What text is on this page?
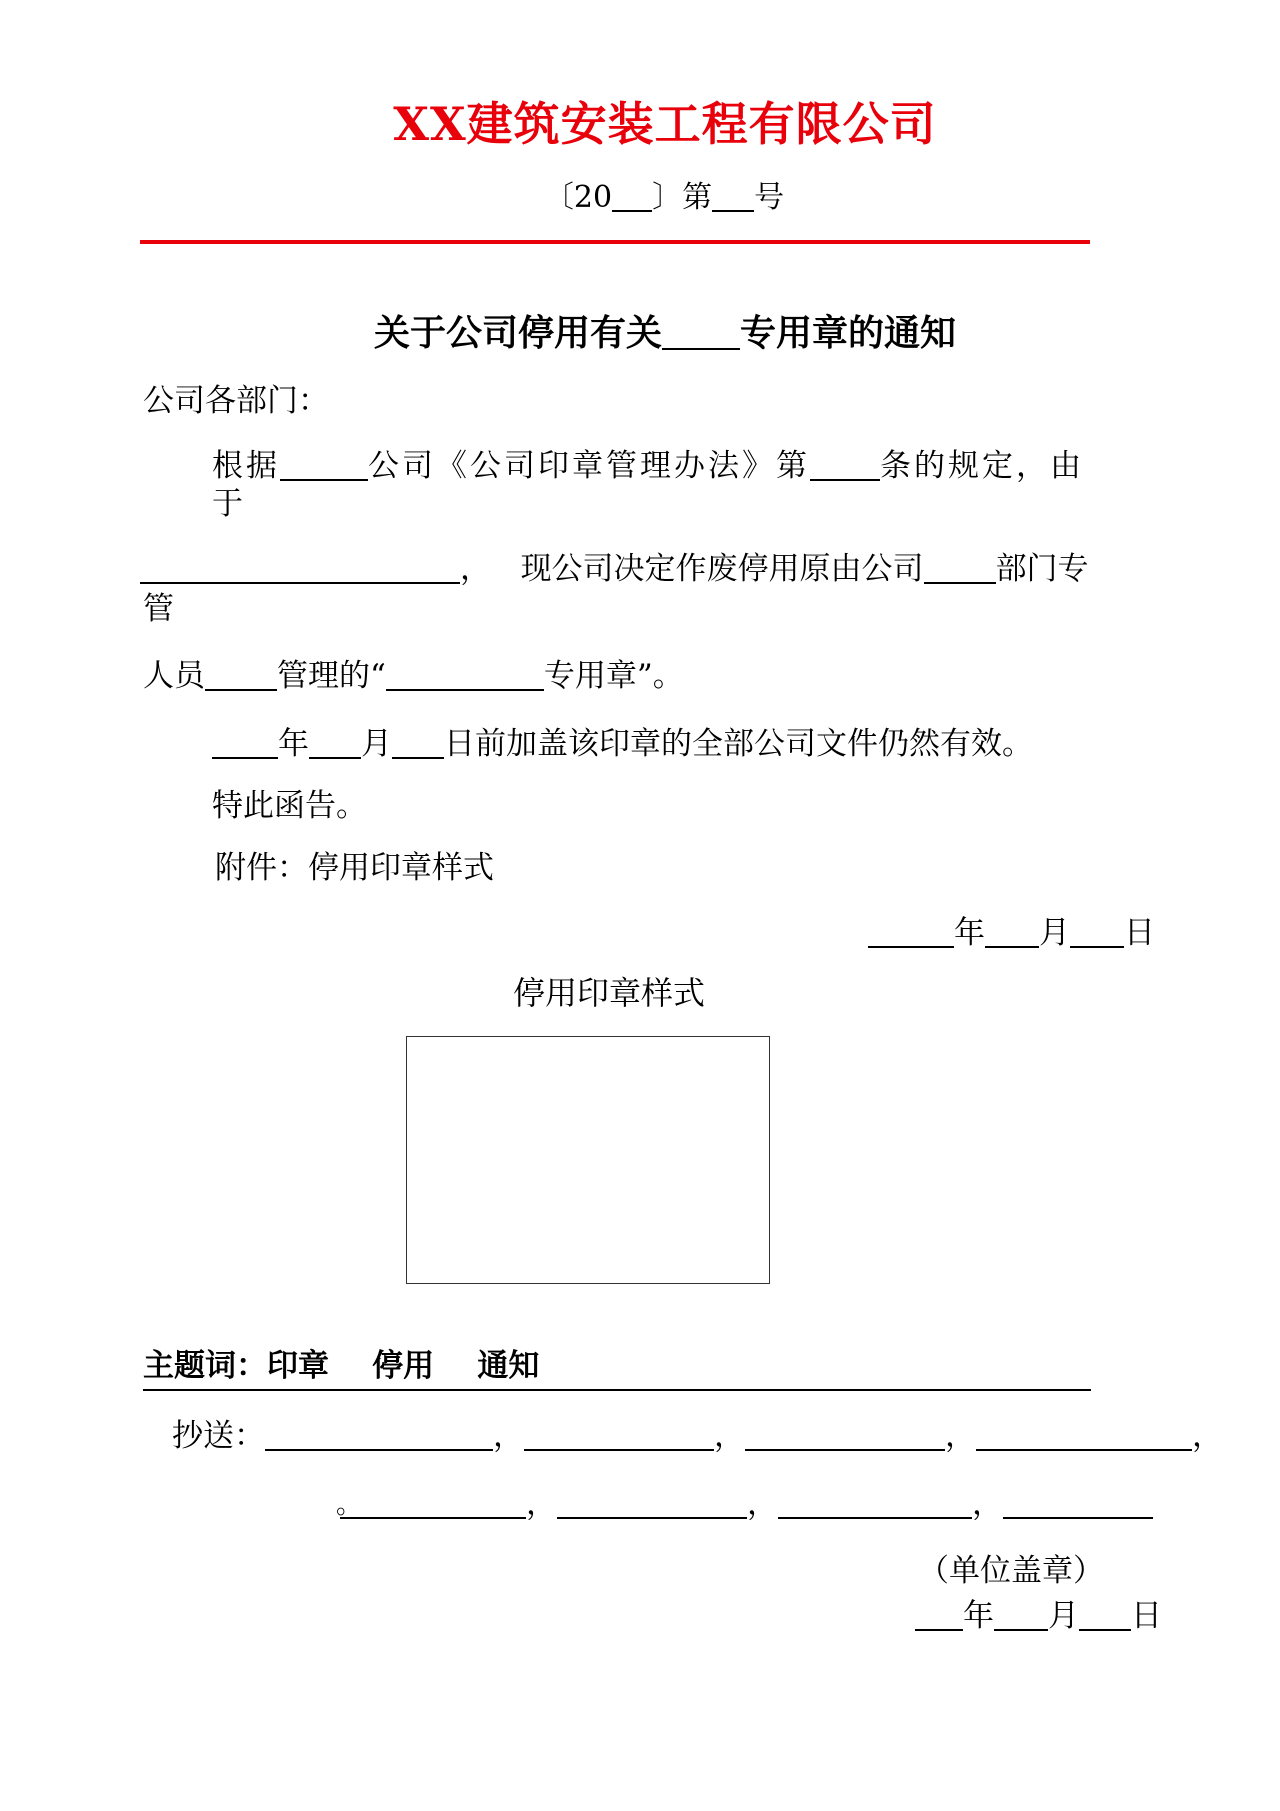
XX建筑安装工程有限公司
〔20 〕第 号
关于公司停用有关 专用章的通知
公司各部门：
根据	公司《公司印章管理办法》第 条的规定，由
于
， 现公司决定作废停用原由公司 部门专
管
人员 管理的“	专用章”。
年 月 日前加盖该印章的全部公司文件仍然有效。
特此函告。
附件：停用印章样式
年 月 日
停用印章样式
主题词：印章 停用 通知
抄送：	，	，	，	，
，	，	，
。
（单位盖章）
年 月 日
